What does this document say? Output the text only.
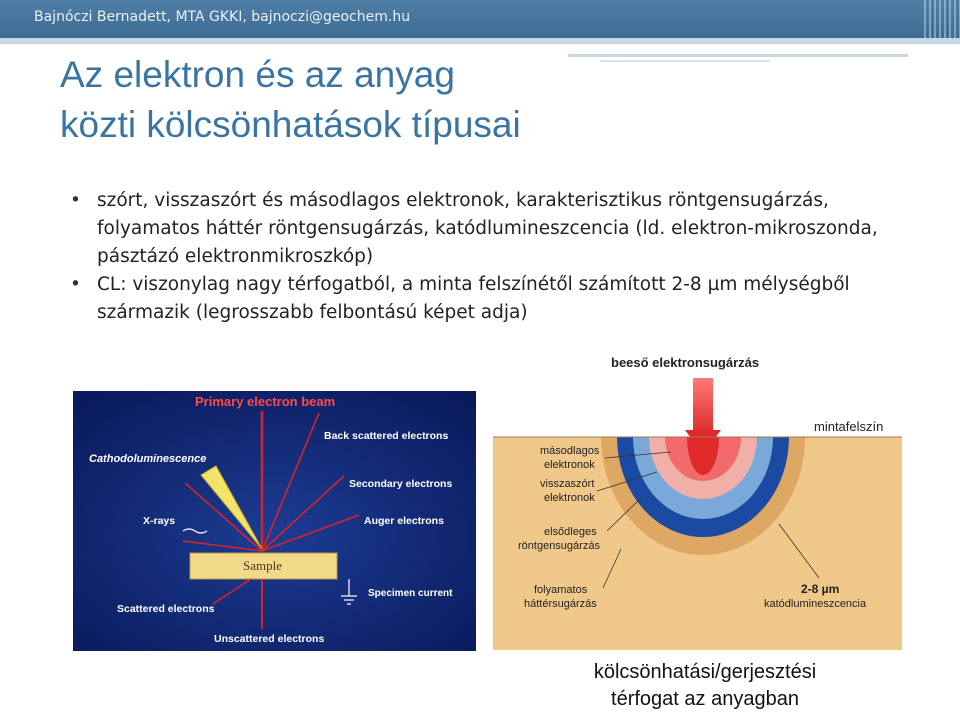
Bajnóczi Bernadett, MTA GKKI, bajnoczi@geochem.hu
Az elektron és az anyag
közti kölcsönhatások típusai
• szórt, visszaszórt és másodlagos elektronok, karakterisztikus röntgensugárzás, folyamatos háttér röntgensugárzás, katódlumineszcencia (ld. elektron-mikroszonda, pásztázó elektronmikroszkóp)
• CL: viszonylag nagy térfogatból, a minta felszínétől számított 2-8 µm mélységből származik (legrosszabb felbontású képet adja)
Primary electron beam
Back scattered electrons
Cathodoluminescence
Secondary electrons
X-rays	Auger electrons
Sample
Specimen current
Scattered electrons
Unscattered electrons
beeső elektronsugárzás
mintafelszín
másodlagos
elektronok
visszaszórt
elektronok
elsődleges
röntgensugárzás
folyamatos
háttérsugárzás
2-8 µm
katódlumineszcencia
kölcsönhatási/gerjesztési
térfogat az anyagban
